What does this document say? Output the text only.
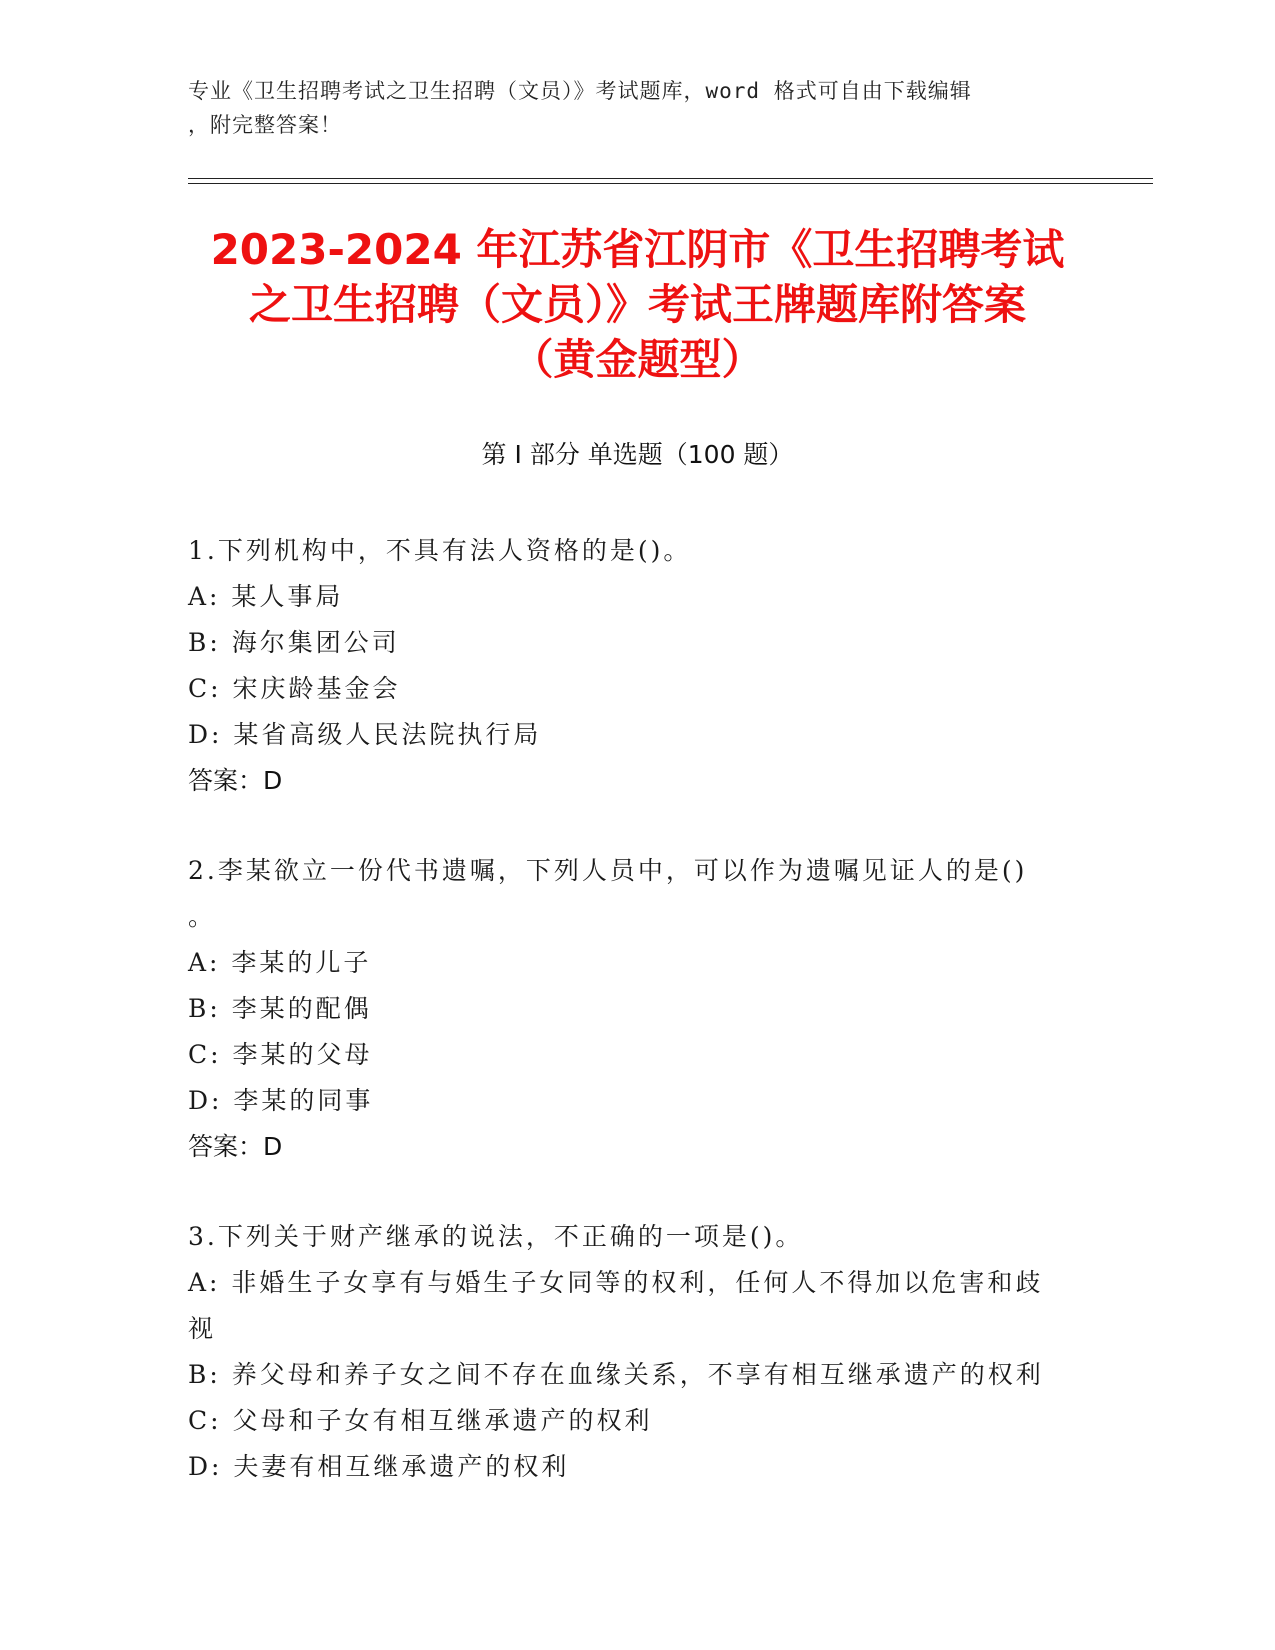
专业《卫生招聘考试之卫生招聘（文员）》考试题库，word 格式可自由下载编辑
，附完整答案！
2023-2024 年江苏省江阴市《卫生招聘考试
之卫生招聘（文员）》考试王牌题库附答案
（黄金题型）
第 I 部分 单选题（100 题）
1.下列机构中，不具有法人资格的是()。
A: 某人事局
B: 海尔集团公司
C: 宋庆龄基金会
D: 某省高级人民法院执行局
答案：D
2.李某欲立一份代书遗嘱，下列人员中，可以作为遗嘱见证人的是()
。
A: 李某的儿子
B: 李某的配偶
C: 李某的父母
D: 李某的同事
答案：D
3.下列关于财产继承的说法，不正确的一项是()。
A: 非婚生子女享有与婚生子女同等的权利，任何人不得加以危害和歧
视
B: 养父母和养子女之间不存在血缘关系，不享有相互继承遗产的权利
C: 父母和子女有相互继承遗产的权利
D: 夫妻有相互继承遗产的权利
